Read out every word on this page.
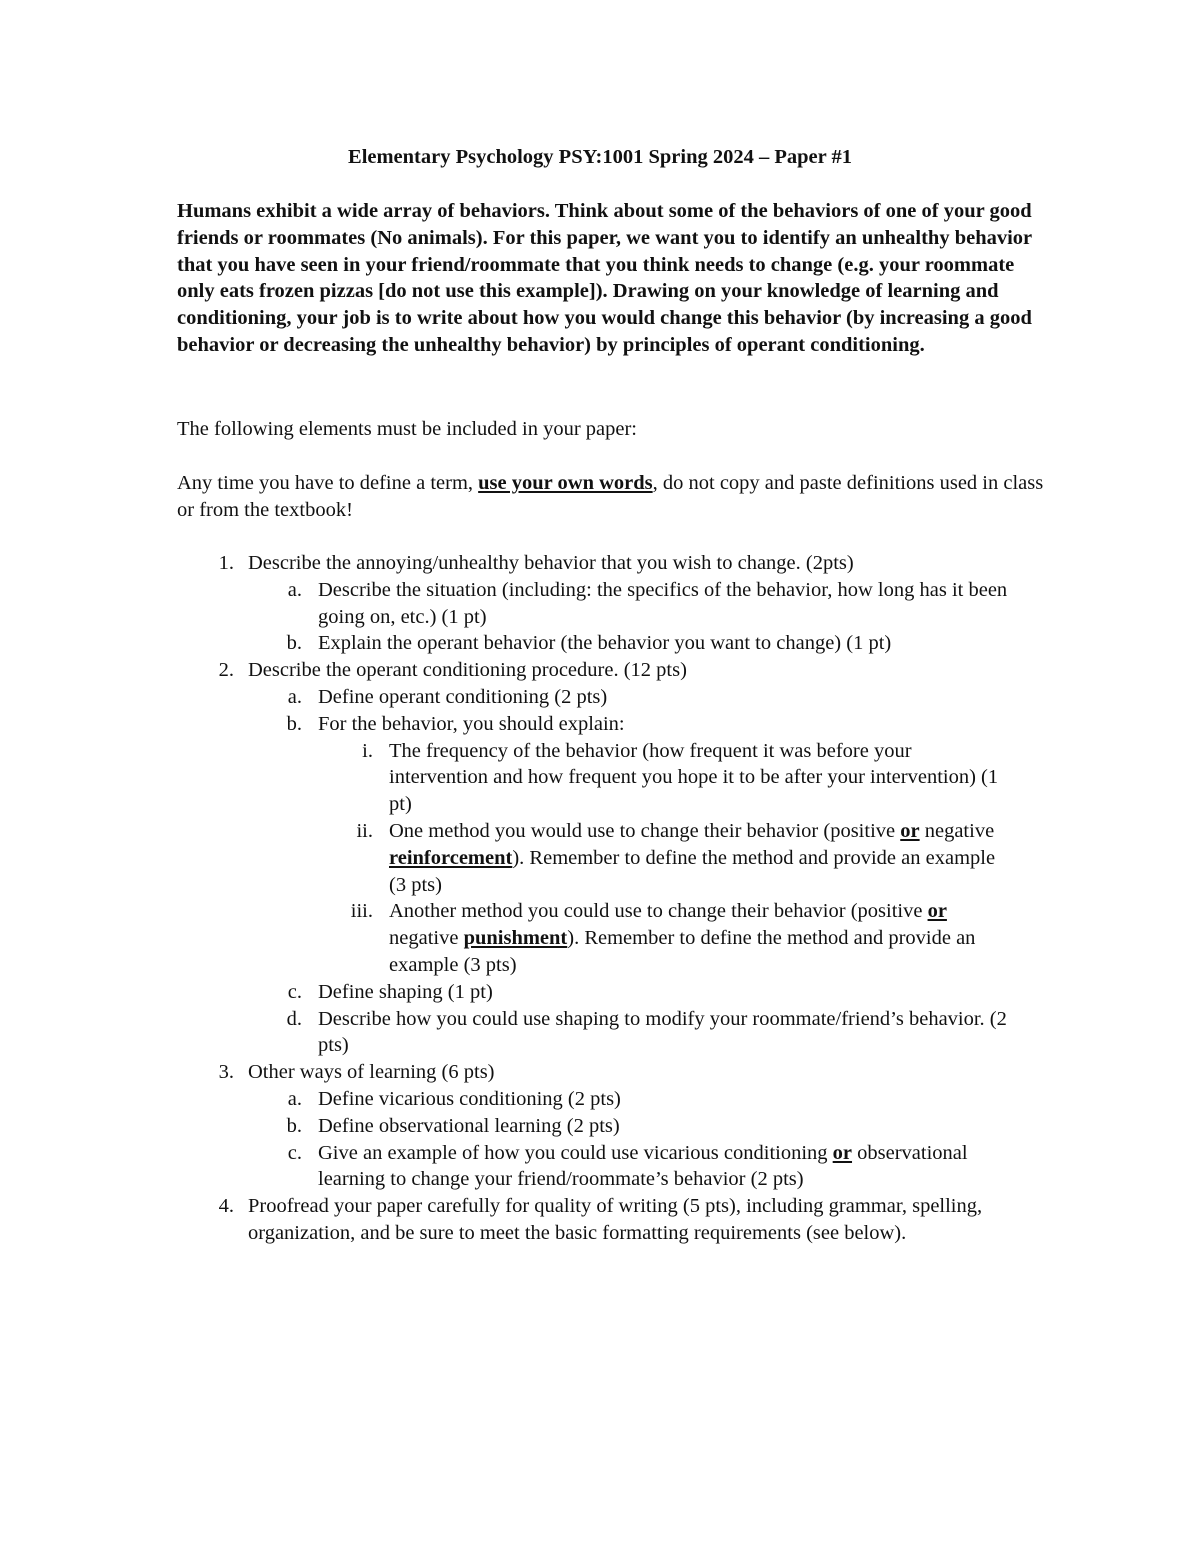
Elementary Psychology PSY:1001 Spring 2024 – Paper #1

Humans exhibit a wide array of behaviors. Think about some of the behaviors of one of your good friends or roommates (No animals). For this paper, we want you to identify an unhealthy behavior that you have seen in your friend/roommate that you think needs to change (e.g. your roommate only eats frozen pizzas [do not use this example]). Drawing on your knowledge of learning and conditioning, your job is to write about how you would change this behavior (by increasing a good behavior or decreasing the unhealthy behavior) by principles of operant conditioning.

The following elements must be included in your paper:

Any time you have to define a term, use your own words, do not copy and paste definitions used in class or from the textbook!

1. Describe the annoying/unhealthy behavior that you wish to change. (2pts)
a. Describe the situation (including: the specifics of the behavior, how long has it been going on, etc.) (1 pt)
b. Explain the operant behavior (the behavior you want to change) (1 pt)
2. Describe the operant conditioning procedure. (12 pts)
a. Define operant conditioning (2 pts)
b. For the behavior, you should explain:
i. The frequency of the behavior (how frequent it was before your intervention and how frequent you hope it to be after your intervention) (1 pt)
ii. One method you would use to change their behavior (positive or negative reinforcement). Remember to define the method and provide an example (3 pts)
iii. Another method you could use to change their behavior (positive or negative punishment). Remember to define the method and provide an example (3 pts)
c. Define shaping (1 pt)
d. Describe how you could use shaping to modify your roommate/friend’s behavior. (2 pts)
3. Other ways of learning (6 pts)
a. Define vicarious conditioning (2 pts)
b. Define observational learning (2 pts)
c. Give an example of how you could use vicarious conditioning or observational learning to change your friend/roommate’s behavior (2 pts)
4. Proofread your paper carefully for quality of writing (5 pts), including grammar, spelling, organization, and be sure to meet the basic formatting requirements (see below).
